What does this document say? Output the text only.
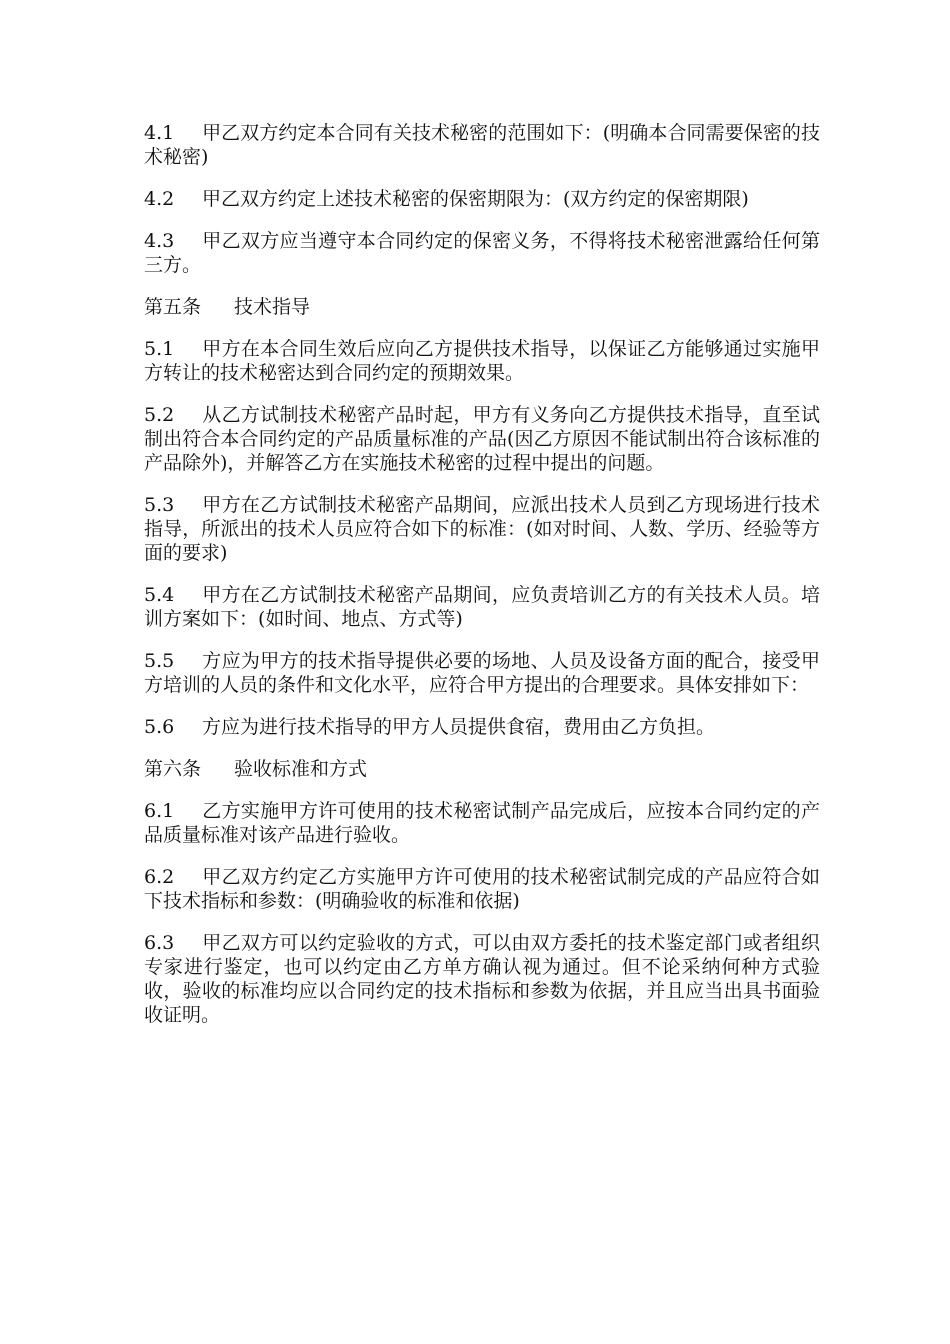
4.1 甲乙双方约定本合同有关技术秘密的范围如下：(明确本合同需要保密的技术秘密)

4.2 甲乙双方约定上述技术秘密的保密期限为：(双方约定的保密期限)

4.3 甲乙双方应当遵守本合同约定的保密义务，不得将技术秘密泄露给任何第三方。

第五条 技术指导

5.1 甲方在本合同生效后应向乙方提供技术指导，以保证乙方能够通过实施甲方转让的技术秘密达到合同约定的预期效果。

5.2 从乙方试制技术秘密产品时起，甲方有义务向乙方提供技术指导，直至试制出符合本合同约定的产品质量标准的产品(因乙方原因不能试制出符合该标准的产品除外)，并解答乙方在实施技术秘密的过程中提出的问题。

5.3 甲方在乙方试制技术秘密产品期间，应派出技术人员到乙方现场进行技术指导，所派出的技术人员应符合如下的标准：(如对时间、人数、学历、经验等方面的要求)

5.4 甲方在乙方试制技术秘密产品期间，应负责培训乙方的有关技术人员。培训方案如下：(如时间、地点、方式等)

5.5 方应为甲方的技术指导提供必要的场地、人员及设备方面的配合，接受甲方培训的人员的条件和文化水平，应符合甲方提出的合理要求。具体安排如下：

5.6 方应为进行技术指导的甲方人员提供食宿，费用由乙方负担。

第六条 验收标准和方式

6.1 乙方实施甲方许可使用的技术秘密试制产品完成后，应按本合同约定的产品质量标准对该产品进行验收。

6.2 甲乙双方约定乙方实施甲方许可使用的技术秘密试制完成的产品应符合如下技术指标和参数：(明确验收的标准和依据)

6.3 甲乙双方可以约定验收的方式，可以由双方委托的技术鉴定部门或者组织专家进行鉴定，也可以约定由乙方单方确认视为通过。但不论采纳何种方式验收，验收的标准均应以合同约定的技术指标和参数为依据，并且应当出具书面验收证明。
